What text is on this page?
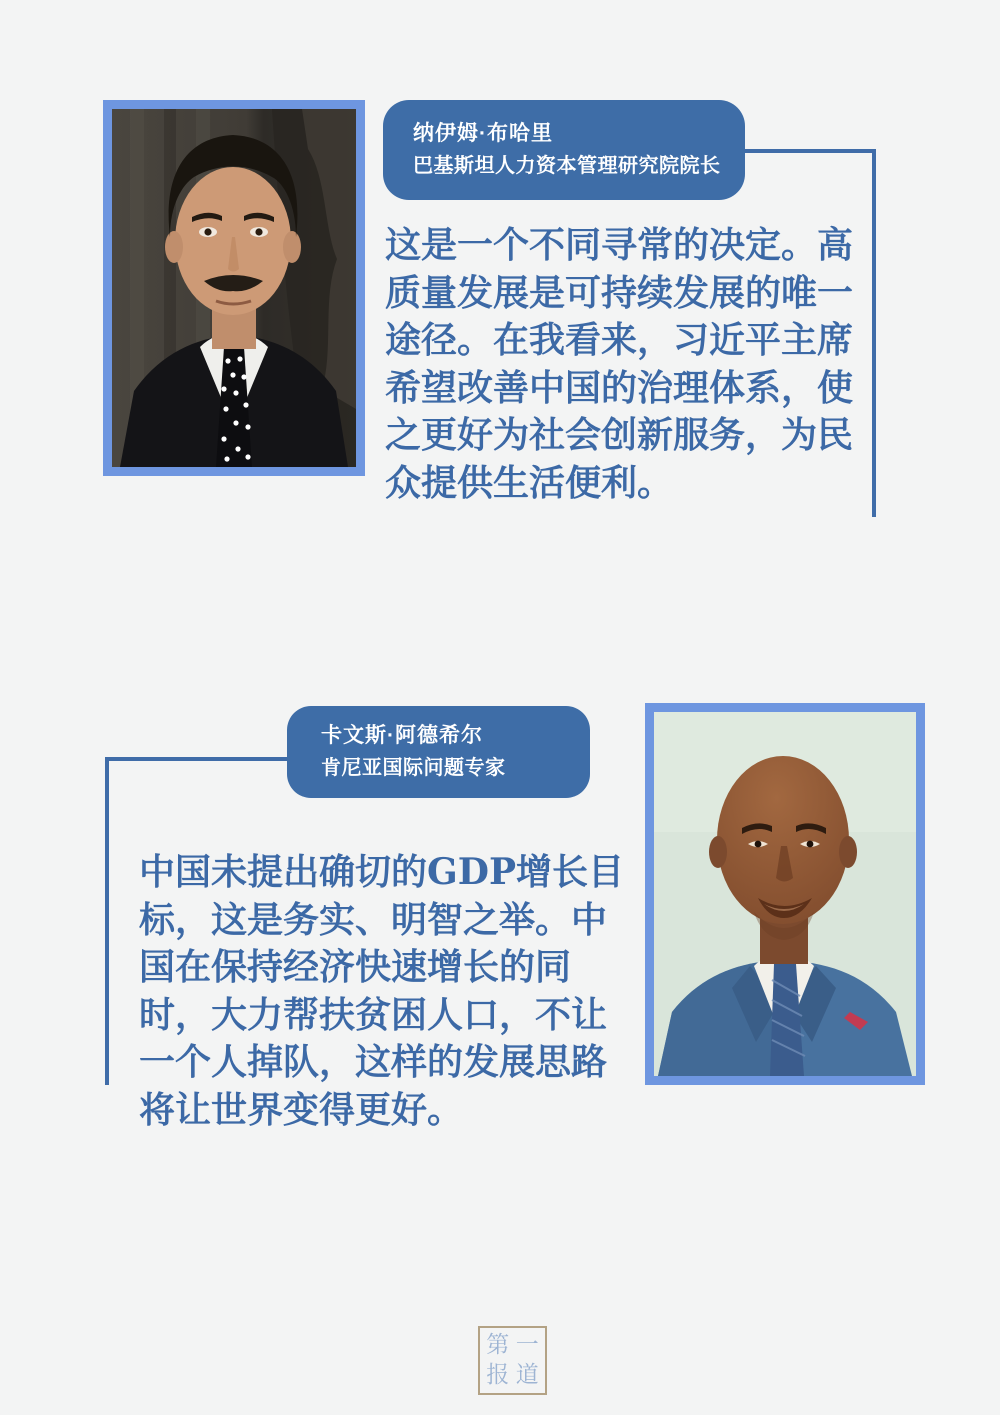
纳伊姆·布哈里
巴基斯坦人力资本管理研究院院长
这是一个不同寻常的决定。高质量发展是可持续发展的唯一途径。在我看来，习近平主席希望改善中国的治理体系，使之更好为社会创新服务，为民众提供生活便利。
卡文斯·阿德希尔
肯尼亚国际问题专家
中国未提出确切的GDP增长目标，这是务实、明智之举。中国在保持经济快速增长的同时，大力帮扶贫困人口，不让一个人掉队，这样的发展思路将让世界变得更好。
第 一
报 道
